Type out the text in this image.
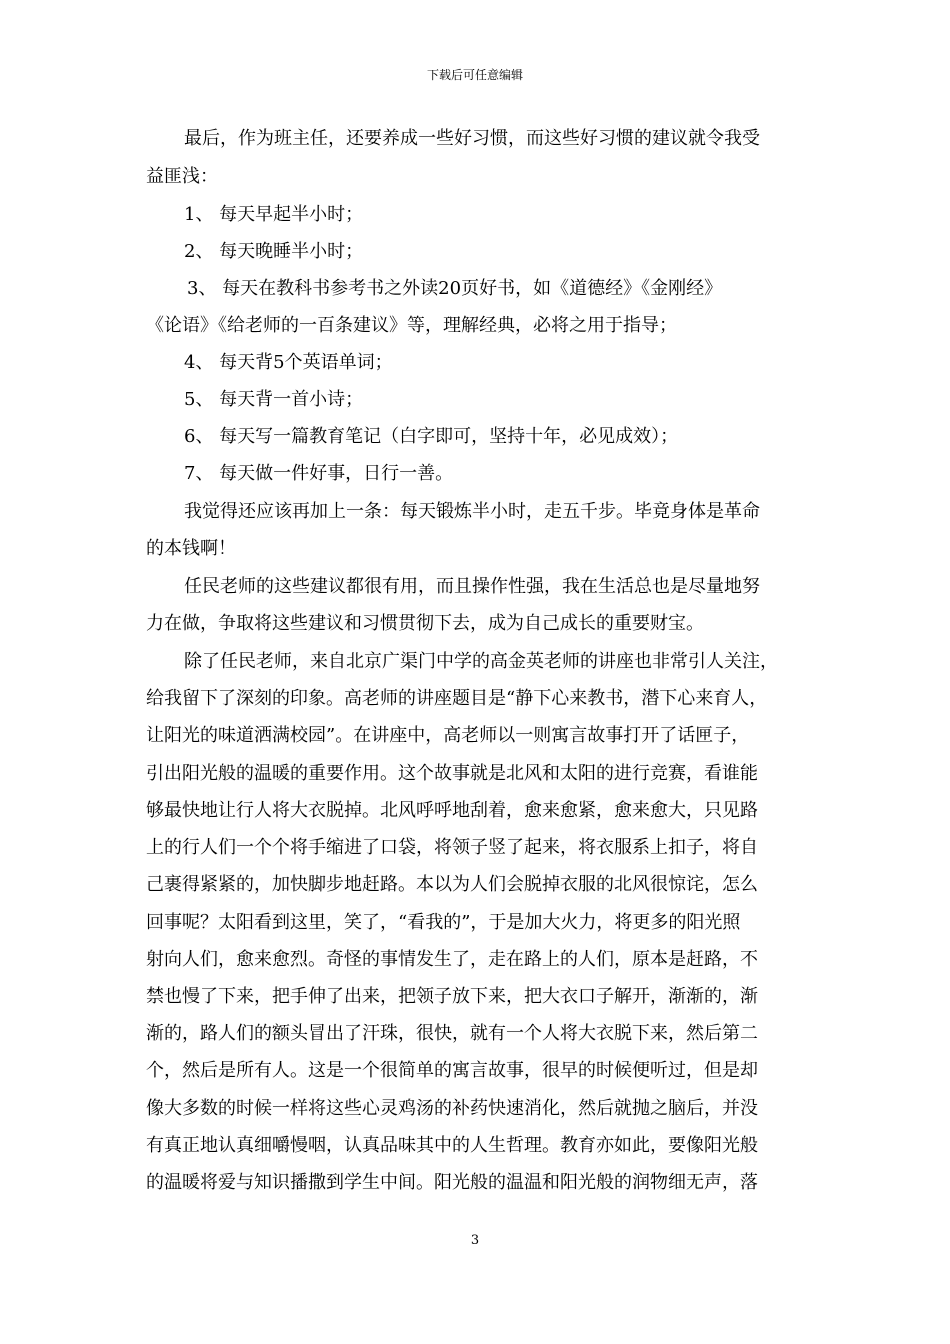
下载后可任意编辑
最后，作为班主任，还要养成一些好习惯，而这些好习惯的建议就令我受
益匪浅：
1、 每天早起半小时；
2、 每天晚睡半小时；
3、 每天在教科书参考书之外读20页好书，如《道德经》《金刚经》
《论语》《给老师的一百条建议》等，理解经典，必将之用于指导；
4、 每天背5个英语单词；
5、 每天背一首小诗；
6、 每天写一篇教育笔记（白字即可，坚持十年，必见成效）；
7、 每天做一件好事，日行一善。
我觉得还应该再加上一条：每天锻炼半小时，走五千步。毕竟身体是革命
的本钱啊！
任民老师的这些建议都很有用，而且操作性强，我在生活总也是尽量地努
力在做，争取将这些建议和习惯贯彻下去，成为自己成长的重要财宝。
除了任民老师，来自北京广渠门中学的高金英老师的讲座也非常引人关注，
给我留下了深刻的印象。高老师的讲座题目是“静下心来教书，潜下心来育人，
让阳光的味道洒满校园”。在讲座中，高老师以一则寓言故事打开了话匣子，
引出阳光般的温暖的重要作用。这个故事就是北风和太阳的进行竞赛，看谁能
够最快地让行人将大衣脱掉。北风呼呼地刮着，愈来愈紧，愈来愈大，只见路
上的行人们一个个将手缩进了口袋，将领子竖了起来，将衣服系上扣子，将自
己裹得紧紧的，加快脚步地赶路。本以为人们会脱掉衣服的北风很惊诧，怎么
回事呢？太阳看到这里，笑了，“看我的”，于是加大火力，将更多的阳光照
射向人们，愈来愈烈。奇怪的事情发生了，走在路上的人们，原本是赶路，不
禁也慢了下来，把手伸了出来，把领子放下来，把大衣口子解开，渐渐的，渐
渐的，路人们的额头冒出了汗珠，很快，就有一个人将大衣脱下来，然后第二
个，然后是所有人。这是一个很简单的寓言故事，很早的时候便听过，但是却
像大多数的时候一样将这些心灵鸡汤的补药快速消化，然后就抛之脑后，并没
有真正地认真细嚼慢咽，认真品味其中的人生哲理。教育亦如此，要像阳光般
的温暖将爱与知识播撒到学生中间。阳光般的温温和阳光般的润物细无声，落
3
